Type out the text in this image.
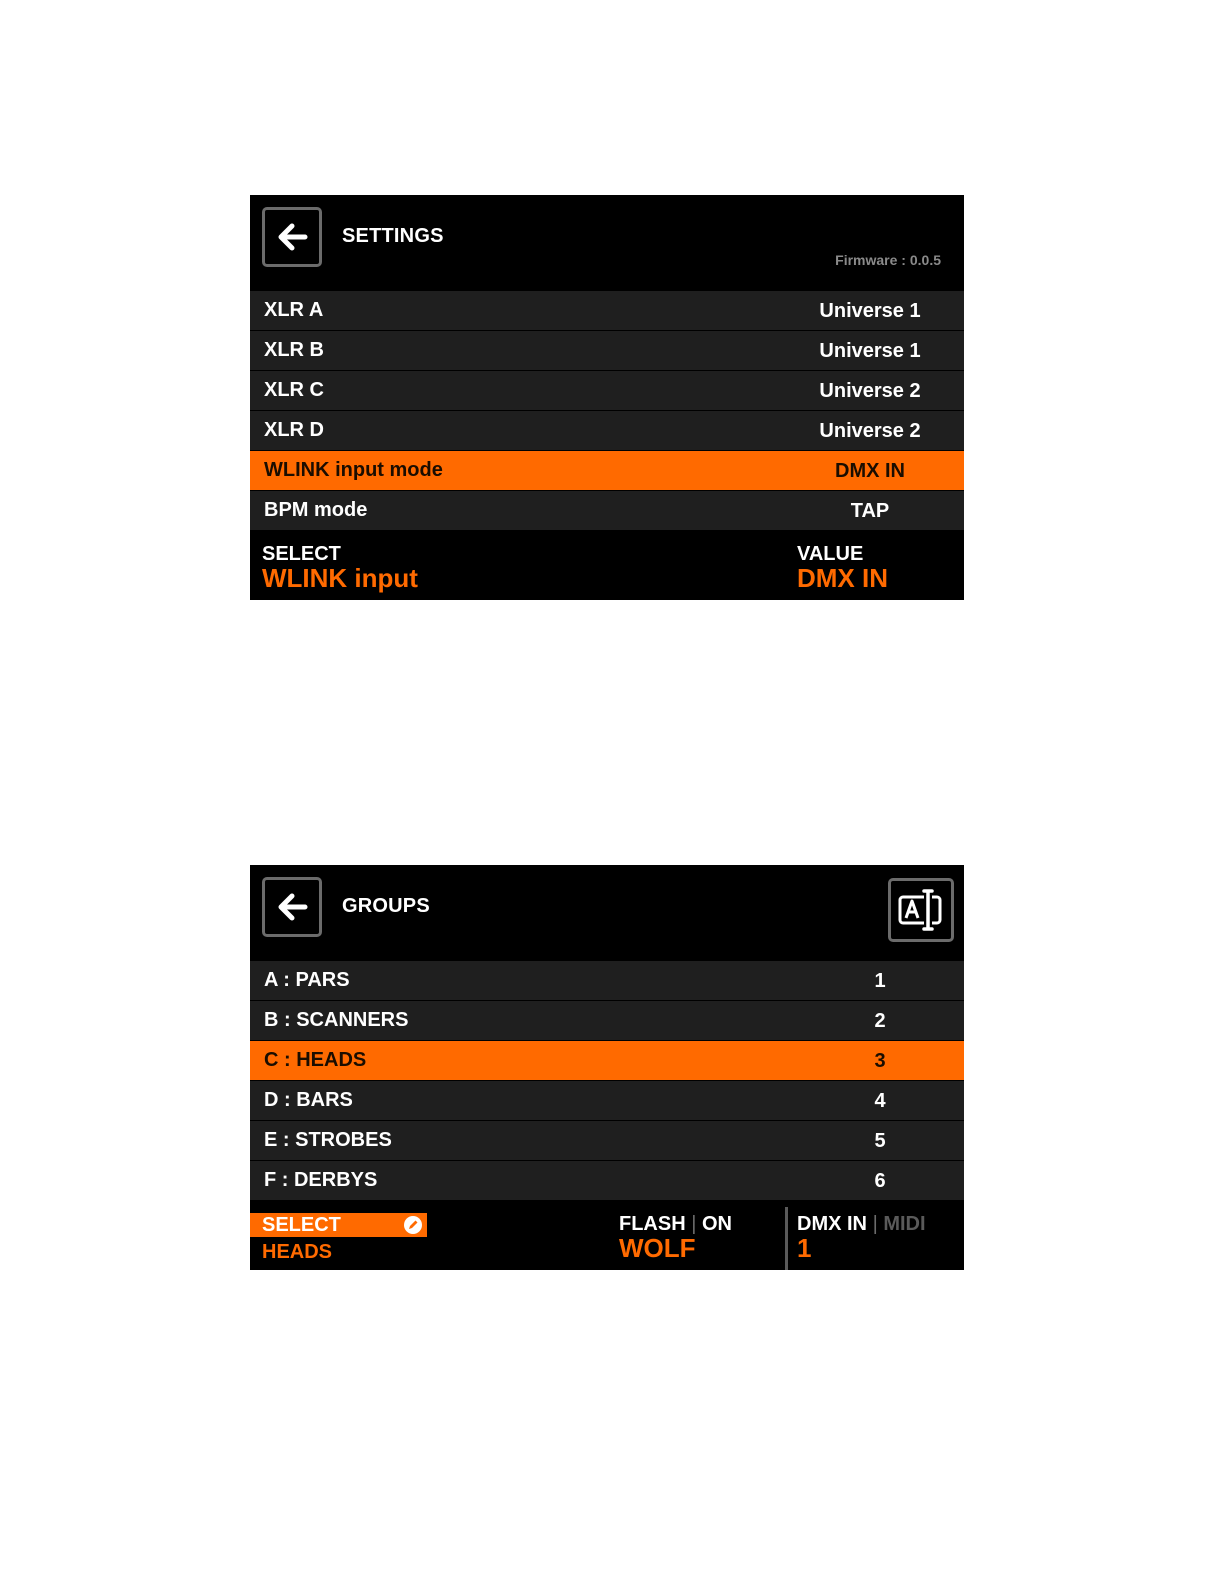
SETTINGS
Firmware : 0.0.5
XLR A	Universe 1
XLR B	Universe 1
XLR C	Universe 2
XLR D	Universe 2
WLINK input mode	DMX IN
BPM mode	TAP
SELECT
WLINK input
VALUE
DMX IN
GROUPS
A : PARS	1
B : SCANNERS	2
C : HEADS	3
D : BARS	4
E : STROBES	5
F : DERBYS	6
SELECT
HEADS
FLASH | ON
WOLF
DMX IN | MIDI
1
